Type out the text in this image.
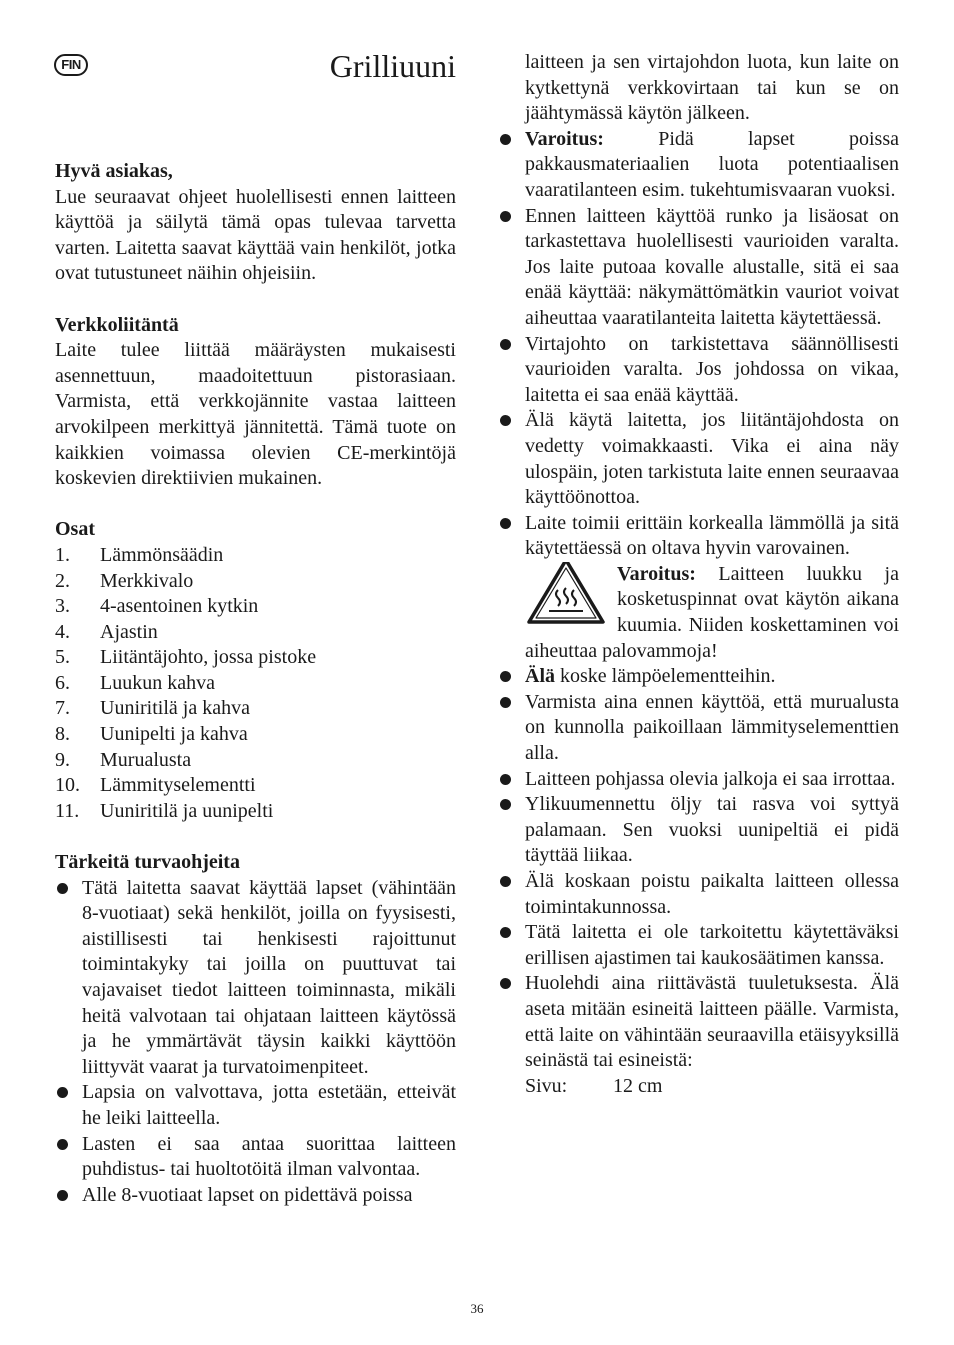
FIN	Grilliuuni

Hyvä asiakas,

Lue seuraavat ohjeet huolellisesti ennen laitteen käyttöä ja säilytä tämä opas tulevaa tarvetta varten. Laitetta saavat käyttää vain henkilöt, jotka ovat tutustuneet näihin ohjeisiin.

Verkkoliitäntä

Laite tulee liittää määräysten mukaisesti asennettuun, maadoitettuun pistorasiaan. Varmista, että verkkojännite vastaa laitteen arvokilpeen merkittyä jännitettä. Tämä tuote on kaikkien voimassa olevien CE-merkintöjä koskevien direktiivien mukainen.

Osat

1.	Lämmönsäädin
2.	Merkkivalo
3.	4-asentoinen kytkin
4.	Ajastin
5.	Liitäntäjohto, jossa pistoke
6.	Luukun kahva
7.	Uuniritilä ja kahva
8.	Uunipelti ja kahva
9.	Murualusta
10.	Lämmityselementti
11.	Uuniritilä ja uunipelti

Tärkeitä turvaohjeita

Tätä laitetta saavat käyttää lapset (vähintään 8-vuotiaat) sekä henkilöt, joilla on fyysisesti, aistillisesti tai henkisesti rajoittunut toimintakyky tai joilla on puuttuvat tai vajavaiset tiedot laitteen toiminnasta, mikäli heitä valvotaan tai ohjataan laitteen käytössä ja he ymmärtävät täysin kaikki käyttöön liittyvät vaarat ja turvatoimenpiteet.
Lapsia on valvottava, jotta estetään, etteivät he leiki laitteella.
Lasten ei saa antaa suorittaa laitteen puhdistus- tai huoltotöitä ilman valvontaa.
Alle 8-vuotiaat lapset on pidettävä poissa

laitteen ja sen virtajohdon luota, kun laite on kytkettynä verkkovirtaan tai kun se on jäähtymässä käytön jälkeen.

Varoitus: Pidä lapset poissa pakkausmateriaalien luota potentiaalisen vaaratilanteen esim. tukehtumisvaaran vuoksi.
Ennen laitteen käyttöä runko ja lisäosat on tarkastettava huolellisesti vaurioiden varalta. Jos laite putoaa kovalle alustalle, sitä ei saa enää käyttää: näkymättömätkin vauriot voivat aiheuttaa vaaratilanteita laitetta käytettäessä.
Virtajohto on tarkistettava säännöllisesti vaurioiden varalta. Jos johdossa on vikaa, laitetta ei saa enää käyttää.
Älä käytä laitetta, jos liitäntäjohdosta on vedetty voimakkaasti. Vika ei aina näy ulospäin, joten tarkistuta laite ennen seuraavaa käyttöönottoa.
Laite toimii erittäin korkealla lämmöllä ja sitä käytettäessä on oltava hyvin varovainen.
Varoitus: Laitteen luukku ja kosketuspinnat ovat käytön aikana kuumia. Niiden koskettaminen voi aiheuttaa palovammoja!
Älä koske lämpöelementteihin.
Varmista aina ennen käyttöä, että murualusta on kunnolla paikoillaan lämmityselementtien alla.
Laitteen pohjassa olevia jalkoja ei saa irrottaa.
Ylikuumennettu öljy tai rasva voi syttyä palamaan. Sen vuoksi uunipeltiä ei pidä täyttää liikaa.
Älä koskaan poistu paikalta laitteen ollessa toimintakunnossa.
Tätä laitetta ei ole tarkoitettu käytettäväksi erillisen ajastimen tai kaukosäätimen kanssa.
Huolehdi aina riittävästä tuuletuksesta. Älä aseta mitään esineitä laitteen päälle. Varmista, että laite on vähintään seuraavilla etäisyyksillä seinästä tai esineistä:

Sivu:	12 cm

36
